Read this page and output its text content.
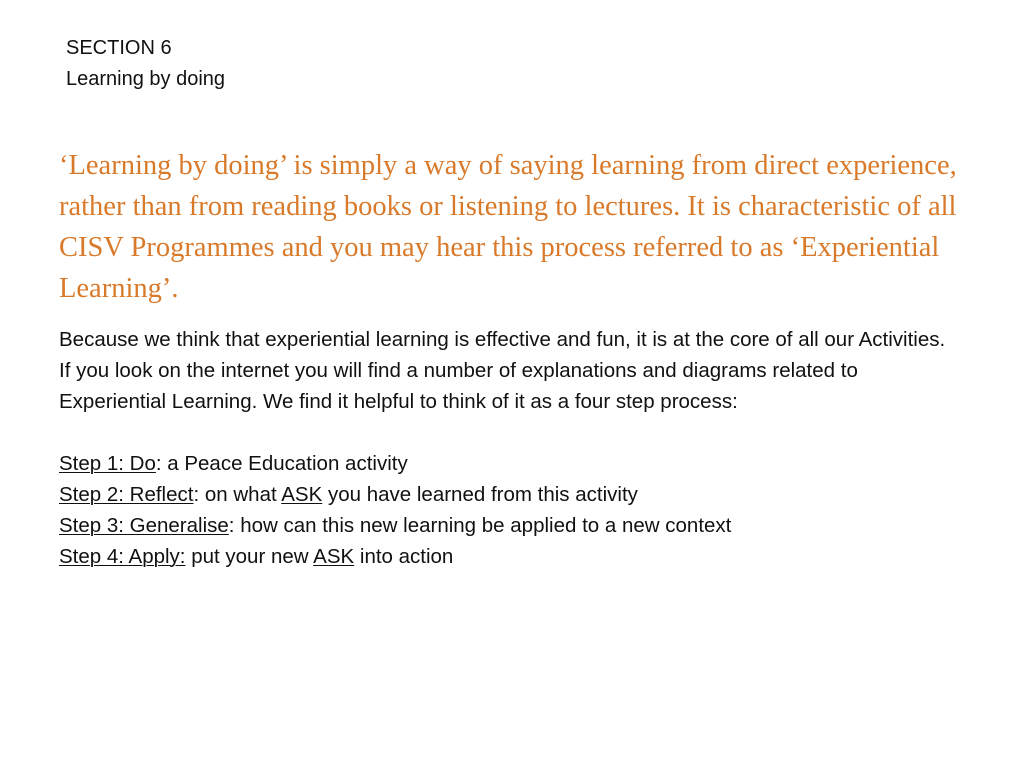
SECTION 6
Learning by doing
‘Learning by doing’ is simply a way of saying learning from direct experience, rather than from reading books or listening to lectures. It is characteristic of all CISV Programmes and you may hear this process referred to as ‘Experiential Learning’.

Because we think that experiential learning is effective and fun, it is at the core of all our Activities.

If you look on the internet you will find a number of explanations and diagrams related to Experiential Learning. We find it helpful to think of it as a four step process:

Step 1: Do: a Peace Education activity
Step 2: Reflect: on what ASK you have learned from this activity
Step 3: Generalise: how can this new learning be applied to a new context
Step 4: Apply: put your new ASK into action
